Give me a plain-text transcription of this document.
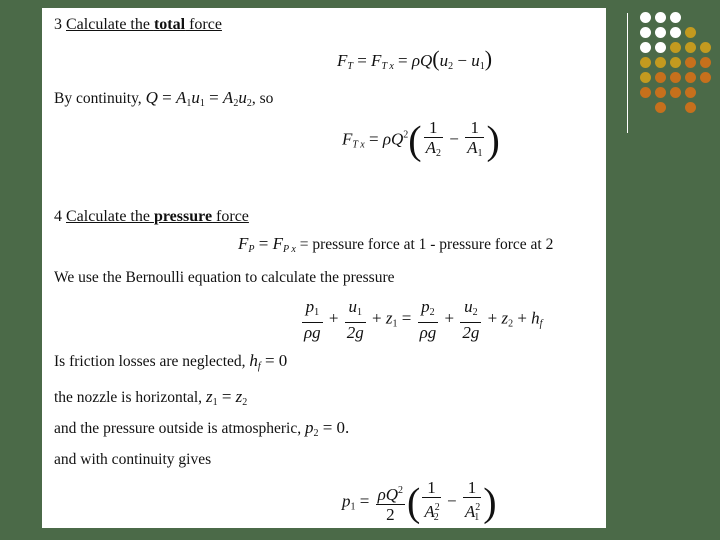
3 Calculate the total force
$F_T = F_{T x} = \rho Q(u_2 - u_1)$
By continuity, $Q = A_1u_1 = A_2u_2$, so
$F_{T x} = \rho Q^2( \frac{1}{A_2} - \frac{1}{A_1}$ )
4 Calculate the pressure force
$F_P = F_{P x}$ = pressure force at 1 - pressure force at 2
We use the Bernoulli equation to calculate the pressure
$\frac{p_1}{\rho g} + \frac{u_1}{2g} + z_1 = \frac{p_2}{\rho g} + \frac{u_2}{2g} + z_2 + h_f$
Is friction losses are neglected, $h_f = 0$
the nozzle is horizontal, $z_1 = z_2$
and the pressure outside is atmospheric, $p_2 = 0$.
and with continuity gives
$p_1 = \frac{\rho Q^2}{2}$ ( $\frac{1}{A^2_2} - \frac{1}{A^2_1}$ )
